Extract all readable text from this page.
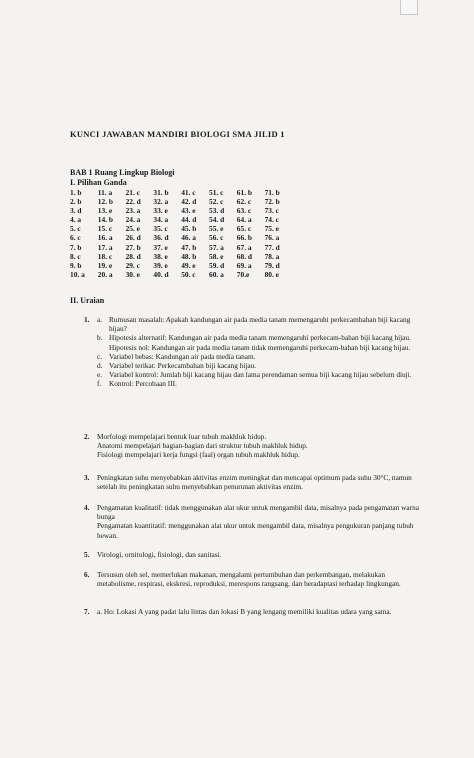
KUNCI JAWABAN MANDIRI BIOLOGI SMA JILID 1
BAB 1 Ruang Lingkup Biologi
I. Pilihan Ganda
1. b 11. a 21. c 31. b 41. c 51. c 61. b 71. b
2. b 12. b 22. d 32. a 42. d 52. c 62. c 72. b
3. d 13. e 23. a 33. e 43. e 53. d 63. c 73. c
4. a 14. b 24. a 34. a 44. d 54. d 64. a 74. c
5. c 15. c 25. e 35. c 45. b 55. e 65. c 75. e
6. c 16. a 26. d 36. d 46. a 56. c 66. b 76. a
7. b 17. a 27. b 37. e 47. b 57. a 67. a 77. d
8. c 18. c 28. d 38. e 48. b 58. e 68. d 78. a
9. b 19. e 29. c 39. e 49. e 59. d 69. a 79. d
10. a 20. a 30. e 40. d 50. c 60. a 70.e 80. e
II. Uraian
1. a. Rumusan masalah: Apakah kandungan air pada media tanam memengaruhi perkecambahan biji kacang hijau?

b. Hipotesis alternatif: Kandungan air pada media tanam memengaruhi perkecam-bahan biji kacang hijau.

Hipotesis nol: Kandungan air pada media tanam tidak memengaruhi perkecam-bahan biji kacang hijau.

c. Variabel bebas: Kandungan air pada media tanam.

d. Variabel terikat: Perkecambahan biji kacang hijau.

e. Variabel kontrol: Jumlah biji kacang hijau dan lama perendaman semua biji kacang hijau sebelum diuji.

f. Kontrol: Percobaan III.

2. Morfologi mempelajari bentuk luar tubuh makhluk hidup.

Anatomi mempelajari bagian-bagian dari struktur tubuh makhluk hidup.

Fisiologi mempelajari kerja fungsi (faal) organ tubuh makhluk hidup.

3. Peningkatan suhu menyebabkan aktivitas enzim meningkat dan mencapai optimum pada suhu 30°C, namun setelah itu peningkatan suhu menyebabkan penurunan aktivitas enzim.

4. Pengamatan kualitatif: tidak menggunakan alat ukur untuk mengambil data, misalnya pada pengamatan warna bunga

Pengamatan kuantitatif: menggunakan alat ukur untuk mengambil data, misalnya pengukuran panjang tubuh hewan.

5. Virologi, ornitologi, fisiologi, dan sanitasi.

6. Tersusun oleh sel, memerlukan makanan, mengalami pertumbuhan dan perkembangan, melakukan metabolisme, respirasi, ekskresi, reproduksi, merespons rangsang, dan beradaptasi terhadap lingkungan.

7. a. Ho: Lokasi A yang padat lalu lintas dan lokasi B yang lengang memiliki kualitas udara yang sama.
